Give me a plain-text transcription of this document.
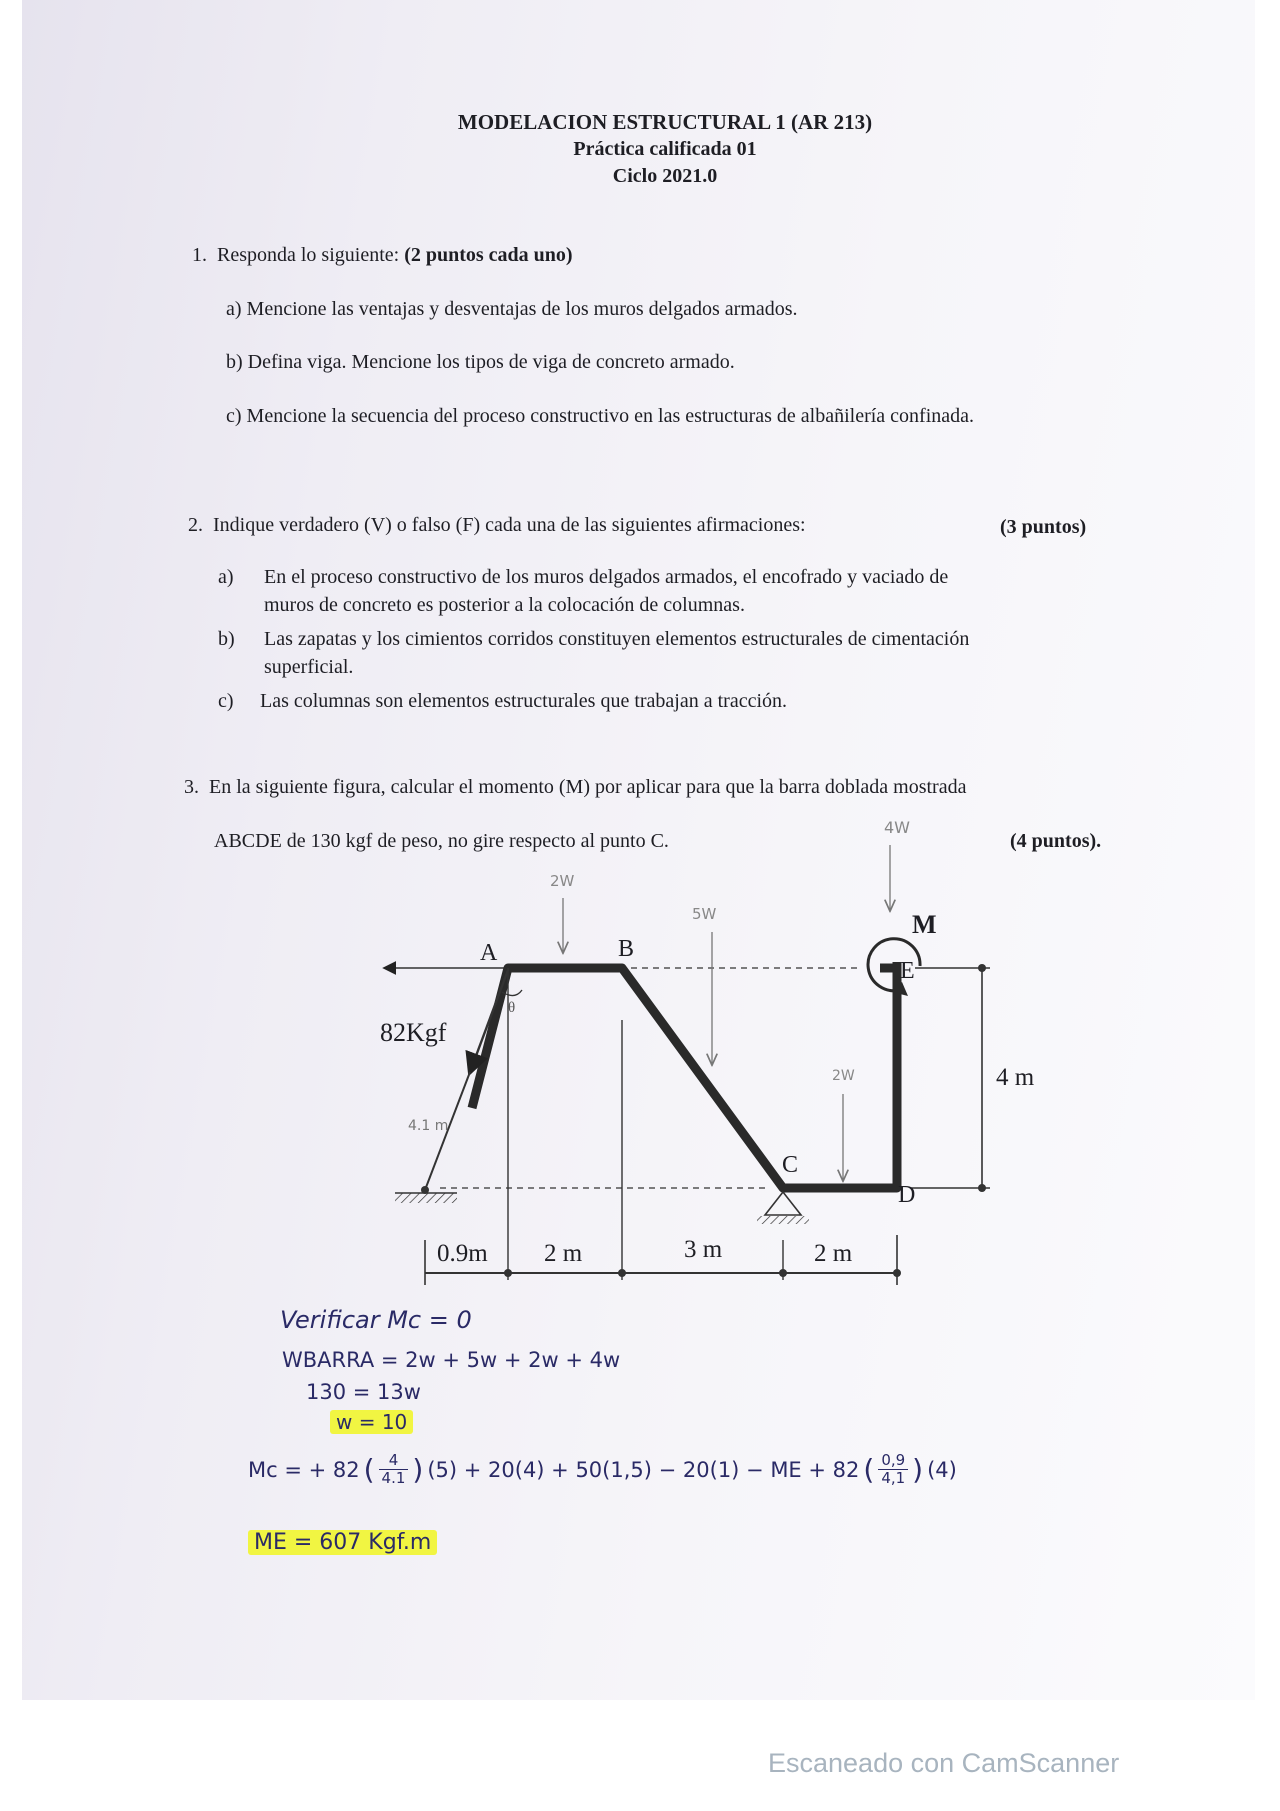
MODELACION ESTRUCTURAL 1 (AR 213)
Práctica calificada 01
Ciclo 2021.0
1. Responda lo siguiente: (2 puntos cada uno)
a) Mencione las ventajas y desventajas de los muros delgados armados.
b) Defina viga. Mencione los tipos de viga de concreto armado.
c) Mencione la secuencia del proceso constructivo en las estructuras de albañilería confinada.
2. Indique verdadero (V) o falso (F) cada una de las siguientes afirmaciones:	(3 puntos)
a) En el proceso constructivo de los muros delgados armados, el encofrado y vaciado de
muros de concreto es posterior a la colocación de columnas.
b) Las zapatas y los cimientos corridos constituyen elementos estructurales de cimentación
superficial.
c) Las columnas son elementos estructurales que trabajan a tracción.
3. En la siguiente figura, calcular el momento (M) por aplicar para que la barra doblada mostrada
ABCDE de 130 kgf de peso, no gire respecto al punto C.	(4 puntos).
A	B
C
D
E
M
82Kgf
4.1 m
θ
4 m
0.9m 2 m	3 m	2 m
2W
5W
2W
4W
Verificar Mc = 0
WBARRA = 2w + 5w + 2w + 4w
130 = 13w
w = 10
Mc = + 82 ( $\frac{4}{4.1}$ ) (5) + 20(4) + 50(1,5) − 20(1) − ME + 82 ( $\frac{0,9}{4,1}$ ) (4)
ME = 607 Kgf.m
Escaneado con CamScanner
